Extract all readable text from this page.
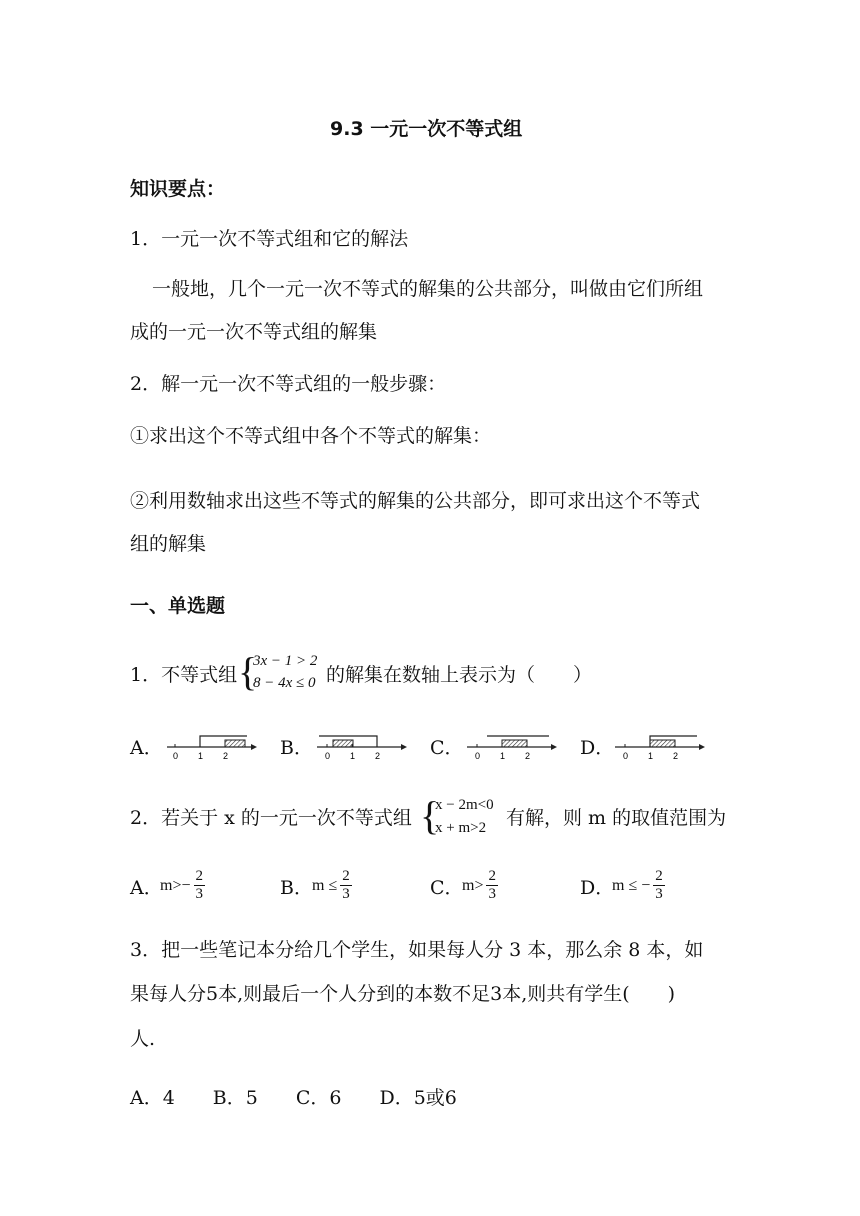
9.3 一元一次不等式组
知识要点：
1．一元一次不等式组和它的解法
一般地，几个一元一次不等式的解集的公共部分，叫做由它们所组
成的一元一次不等式组的解集
2．解一元一次不等式组的一般步骤：
①求出这个不等式组中各个不等式的解集：
②利用数轴求出这些不等式的解集的公共部分，即可求出这个不等式
组的解集
一、单选题
1．不等式组 {
3x − 1 > 2
8 − 4x ≤ 0 的解集在数轴上表示为（　　）
A． 0 1 2	B． 0 1 2	C． 0 1 2	D． 0 1 2
2．若关于 x 的一元一次不等式组 {
x − 2m<0
x + m>2 有解，则 m 的取值范围为
A．
$m>- \frac{2}{3}$	B． $m \le \frac{2}{3}$	C．
m>
2
3	D．
m ≤ − $\frac{2}{3}$
3．把一些笔记本分给几个学生，如果每人分 3 本，那么余 8 本，如
果每人分5本,则最后一个人分到的本数不足3本,则共有学生(　　)
人.
A．4　　B．5　　C．6　　D．5或6
